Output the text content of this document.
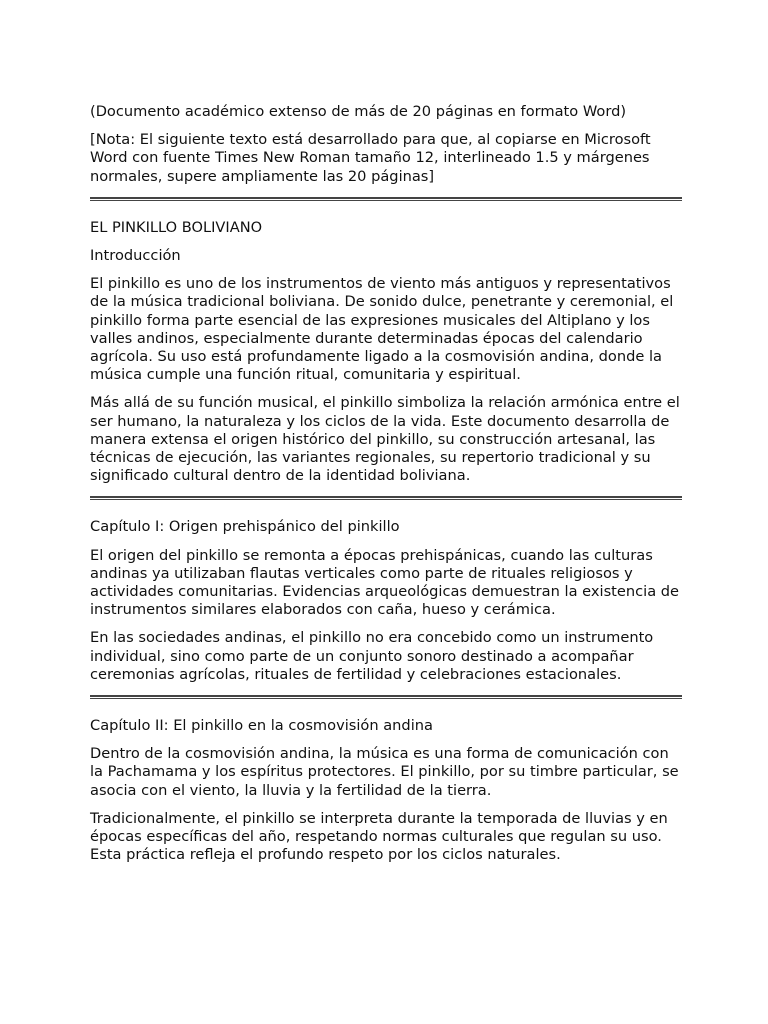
(Documento académico extenso de más de 20 páginas en formato Word)

[Nota: El siguiente texto está desarrollado para que, al copiarse en Microsoft Word con fuente Times New Roman tamaño 12, interlineado 1.5 y márgenes normales, supere ampliamente las 20 páginas]

EL PINKILLO BOLIVIANO

Introducción

El pinkillo es uno de los instrumentos de viento más antiguos y representativos de la música tradicional boliviana. De sonido dulce, penetrante y ceremonial, el pinkillo forma parte esencial de las expresiones musicales del Altiplano y los valles andinos, especialmente durante determinadas épocas del calendario agrícola. Su uso está profundamente ligado a la cosmovisión andina, donde la música cumple una función ritual, comunitaria y espiritual.

Más allá de su función musical, el pinkillo simboliza la relación armónica entre el ser humano, la naturaleza y los ciclos de la vida. Este documento desarrolla de manera extensa el origen histórico del pinkillo, su construcción artesanal, las técnicas de ejecución, las variantes regionales, su repertorio tradicional y su significado cultural dentro de la identidad boliviana.

Capítulo I: Origen prehispánico del pinkillo

El origen del pinkillo se remonta a épocas prehispánicas, cuando las culturas andinas ya utilizaban flautas verticales como parte de rituales religiosos y actividades comunitarias. Evidencias arqueológicas demuestran la existencia de instrumentos similares elaborados con caña, hueso y cerámica.

En las sociedades andinas, el pinkillo no era concebido como un instrumento individual, sino como parte de un conjunto sonoro destinado a acompañar ceremonias agrícolas, rituales de fertilidad y celebraciones estacionales.

Capítulo II: El pinkillo en la cosmovisión andina

Dentro de la cosmovisión andina, la música es una forma de comunicación con la Pachamama y los espíritus protectores. El pinkillo, por su timbre particular, se asocia con el viento, la lluvia y la fertilidad de la tierra.

Tradicionalmente, el pinkillo se interpreta durante la temporada de lluvias y en épocas específicas del año, respetando normas culturales que regulan su uso. Esta práctica refleja el profundo respeto por los ciclos naturales.
